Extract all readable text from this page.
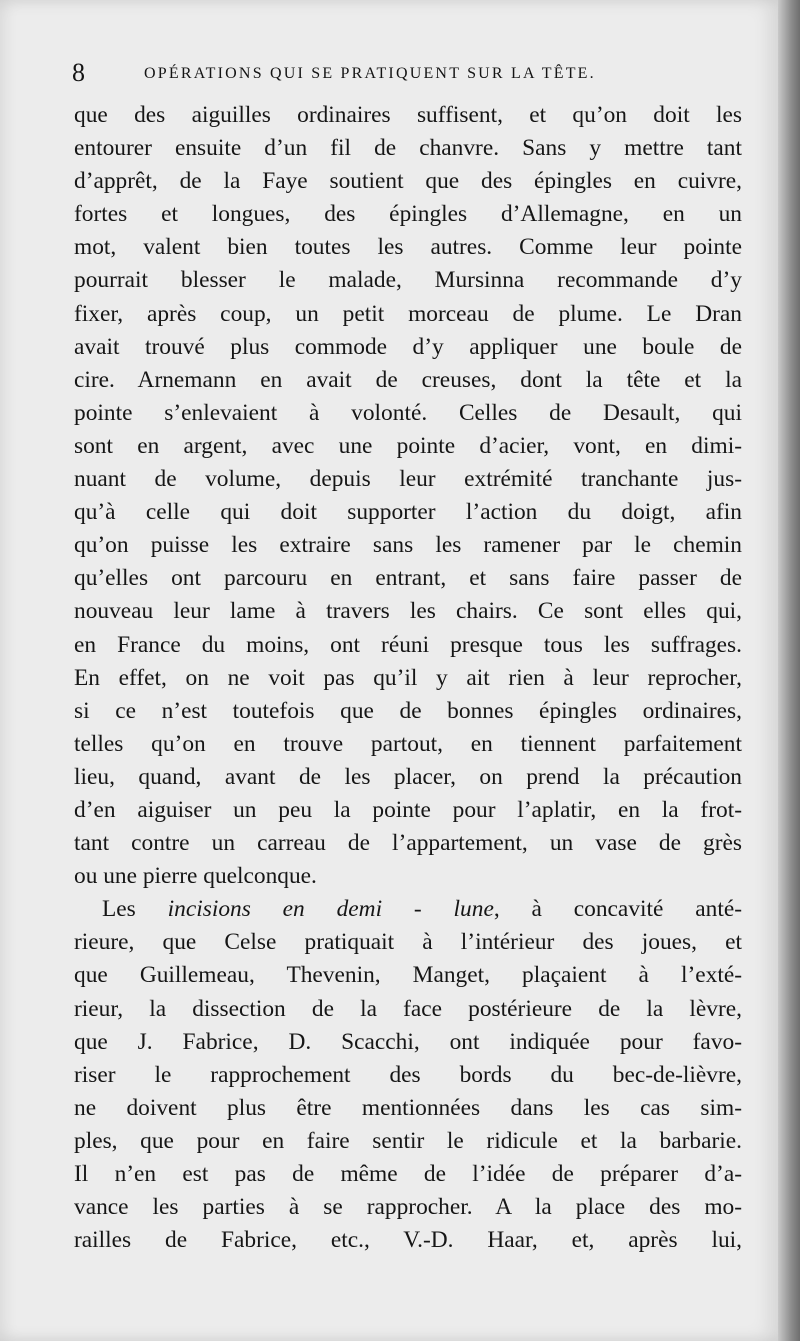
8	OPÉRATIONS QUI SE PRATIQUENT SUR LA TÊTE.
que des aiguilles ordinaires suffisent, et qu’on doit les
entourer ensuite d’un fil de chanvre. Sans y mettre tant
d’apprêt, de la Faye soutient que des épingles en cuivre,
fortes et longues, des épingles d’Allemagne, en un
mot, valent bien toutes les autres. Comme leur pointe
pourrait blesser le malade, Mursinna recommande d’y
fixer, après coup, un petit morceau de plume. Le Dran
avait trouvé plus commode d’y appliquer une boule de
cire. Arnemann en avait de creuses, dont la tête et la
pointe s’enlevaient à volonté. Celles de Desault, qui
sont en argent, avec une pointe d’acier, vont, en dimi-
nuant de volume, depuis leur extrémité tranchante jus-
qu’à celle qui doit supporter l’action du doigt, afin
qu’on puisse les extraire sans les ramener par le chemin
qu’elles ont parcouru en entrant, et sans faire passer de
nouveau leur lame à travers les chairs. Ce sont elles qui,
en France du moins, ont réuni presque tous les suffrages.
En effet, on ne voit pas qu’il y ait rien à leur reprocher,
si ce n’est toutefois que de bonnes épingles ordinaires,
telles qu’on en trouve partout, en tiennent parfaitement
lieu, quand, avant de les placer, on prend la précaution
d’en aiguiser un peu la pointe pour l’aplatir, en la frot-
tant contre un carreau de l’appartement, un vase de grès
ou une pierre quelconque.
Les incisions en demi - lune, à concavité anté-
rieure, que Celse pratiquait à l’intérieur des joues, et
que Guillemeau, Thevenin, Manget, plaçaient à l’exté-
rieur, la dissection de la face postérieure de la lèvre,
que J. Fabrice, D. Scacchi, ont indiquée pour favo-
riser le rapprochement des bords du bec-de-lièvre,
ne doivent plus être mentionnées dans les cas sim-
ples, que pour en faire sentir le ridicule et la barbarie.
Il n’en est pas de même de l’idée de préparer d’a-
vance les parties à se rapprocher. A la place des mo-
railles de Fabrice, etc., V.-D. Haar, et, après lui,
